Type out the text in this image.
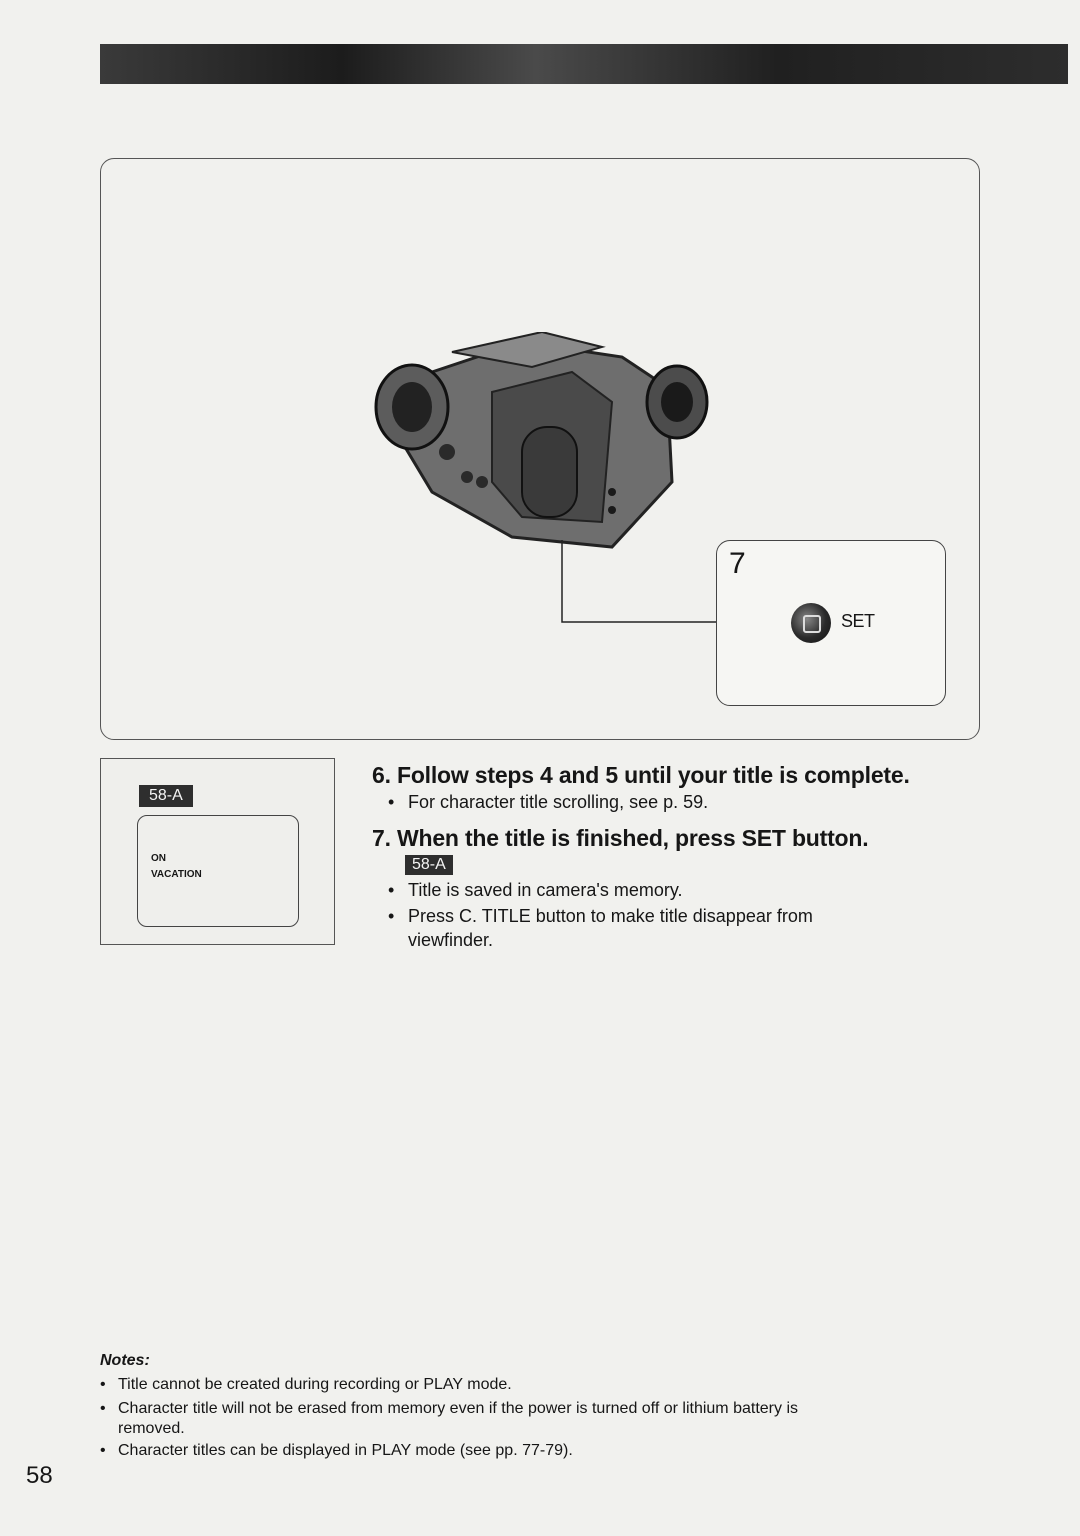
7
SET
58-A
ON
VACATION
6. Follow steps 4 and 5 until your title is complete.
• For character title scrolling, see p. 59.
7. When the title is finished, press SET button.
58-A
• Title is saved in camera's memory.
• Press C. TITLE button to make title disappear from
viewfinder.
Notes:
• Title cannot be created during recording or PLAY mode.
• Character title will not be erased from memory even if the power is turned off or lithium battery is
removed.
• Character titles can be displayed in PLAY mode (see pp. 77-79).
58
